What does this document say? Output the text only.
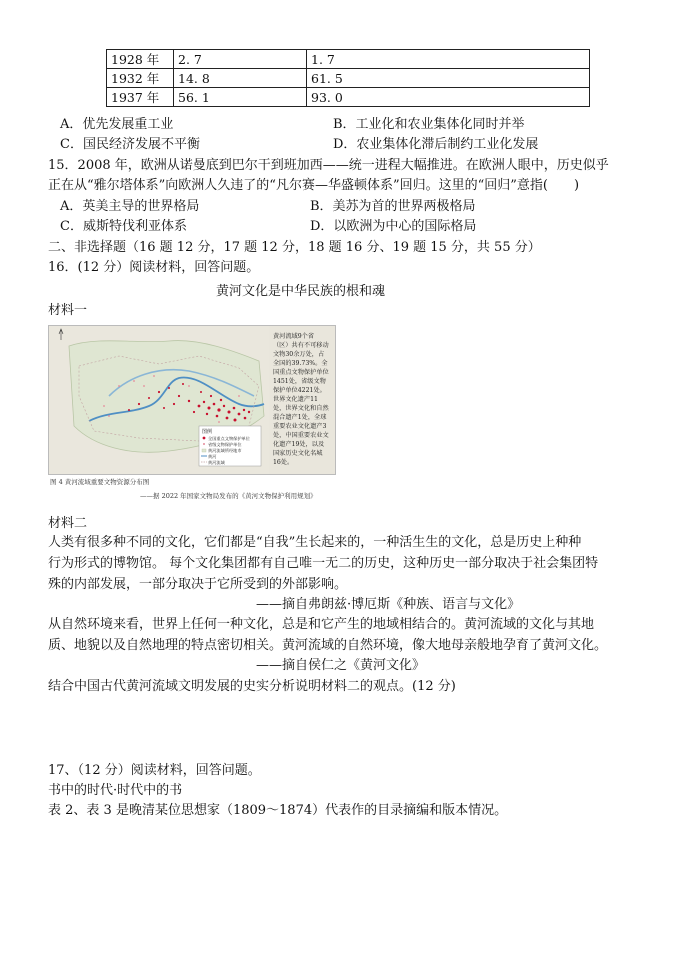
1928 年	2. 7	1. 7
1932 年	14. 8	61. 5
1937 年	56. 1	93. 0
A．优先发展重工业	B．工业化和农业集体化同时并举
C．国民经济发展不平衡	D．农业集体化滞后制约工业化发展
15．2008 年，欧洲从诺曼底到巴尔干到班加西——统一进程大幅推进。在欧洲人眼中，历史似乎
正在从“雅尔塔体系”向欧洲人久违了的“凡尔赛—华盛顿体系”回归。这里的“回归”意指(　　)
A．英美主导的世界格局	B．美苏为首的世界两极格局
C．威斯特伐利亚体系	D．以欧洲为中心的国际格局
二、非选择题（16 题 12 分，17 题 12 分，18 题 16 分、19 题 15 分，共 55 分）
16．(12 分）阅读材料，回答问题。
黄河文化是中华民族的根和魂
材料一
图例
全国重点文物保护单位
省级文物保护单位
黄河流域所经地市
黄河
黄河流域
黄河流域9个省（区）共有不可移动文物30余万处，占全国的39.73%。全国重点文物保护单位1451处，省级文物保护单位4221处。世界文化遗产11处，世界文化和自然混合遗产1处，全球重要农业文化遗产3处，中国重要农业文化遗产19处，以及国家历史文化名城16处。
图 4 黄河流域重要文物资源分布图
——据 2022 年国家文物局发布的《黄河文物保护利用规划》
材料二
人类有很多种不同的文化，它们都是“自我”生长起来的，一种活生生的文化，总是历史上种种
行为形式的博物馆。 每个文化集团都有自己唯一无二的历史，这种历史一部分取决于社会集团特
殊的内部发展，一部分取决于它所受到的外部影响。
——摘自弗朗兹·博厄斯《种族、语言与文化》
从自然环境来看，世界上任何一种文化，总是和它产生的地域相结合的。黄河流域的文化与其地
质、地貌以及自然地理的特点密切相关。黄河流域的自然环境，像大地母亲般地孕育了黄河文化。
——摘自侯仁之《黄河文化》
结合中国古代黄河流域文明发展的史实分析说明材料二的观点。(12 分)
17、（12 分）阅读材料，回答问题。
书中的时代·时代中的书
表 2、表 3 是晚清某位思想家（1809～1874）代表作的目录摘编和版本情况。
